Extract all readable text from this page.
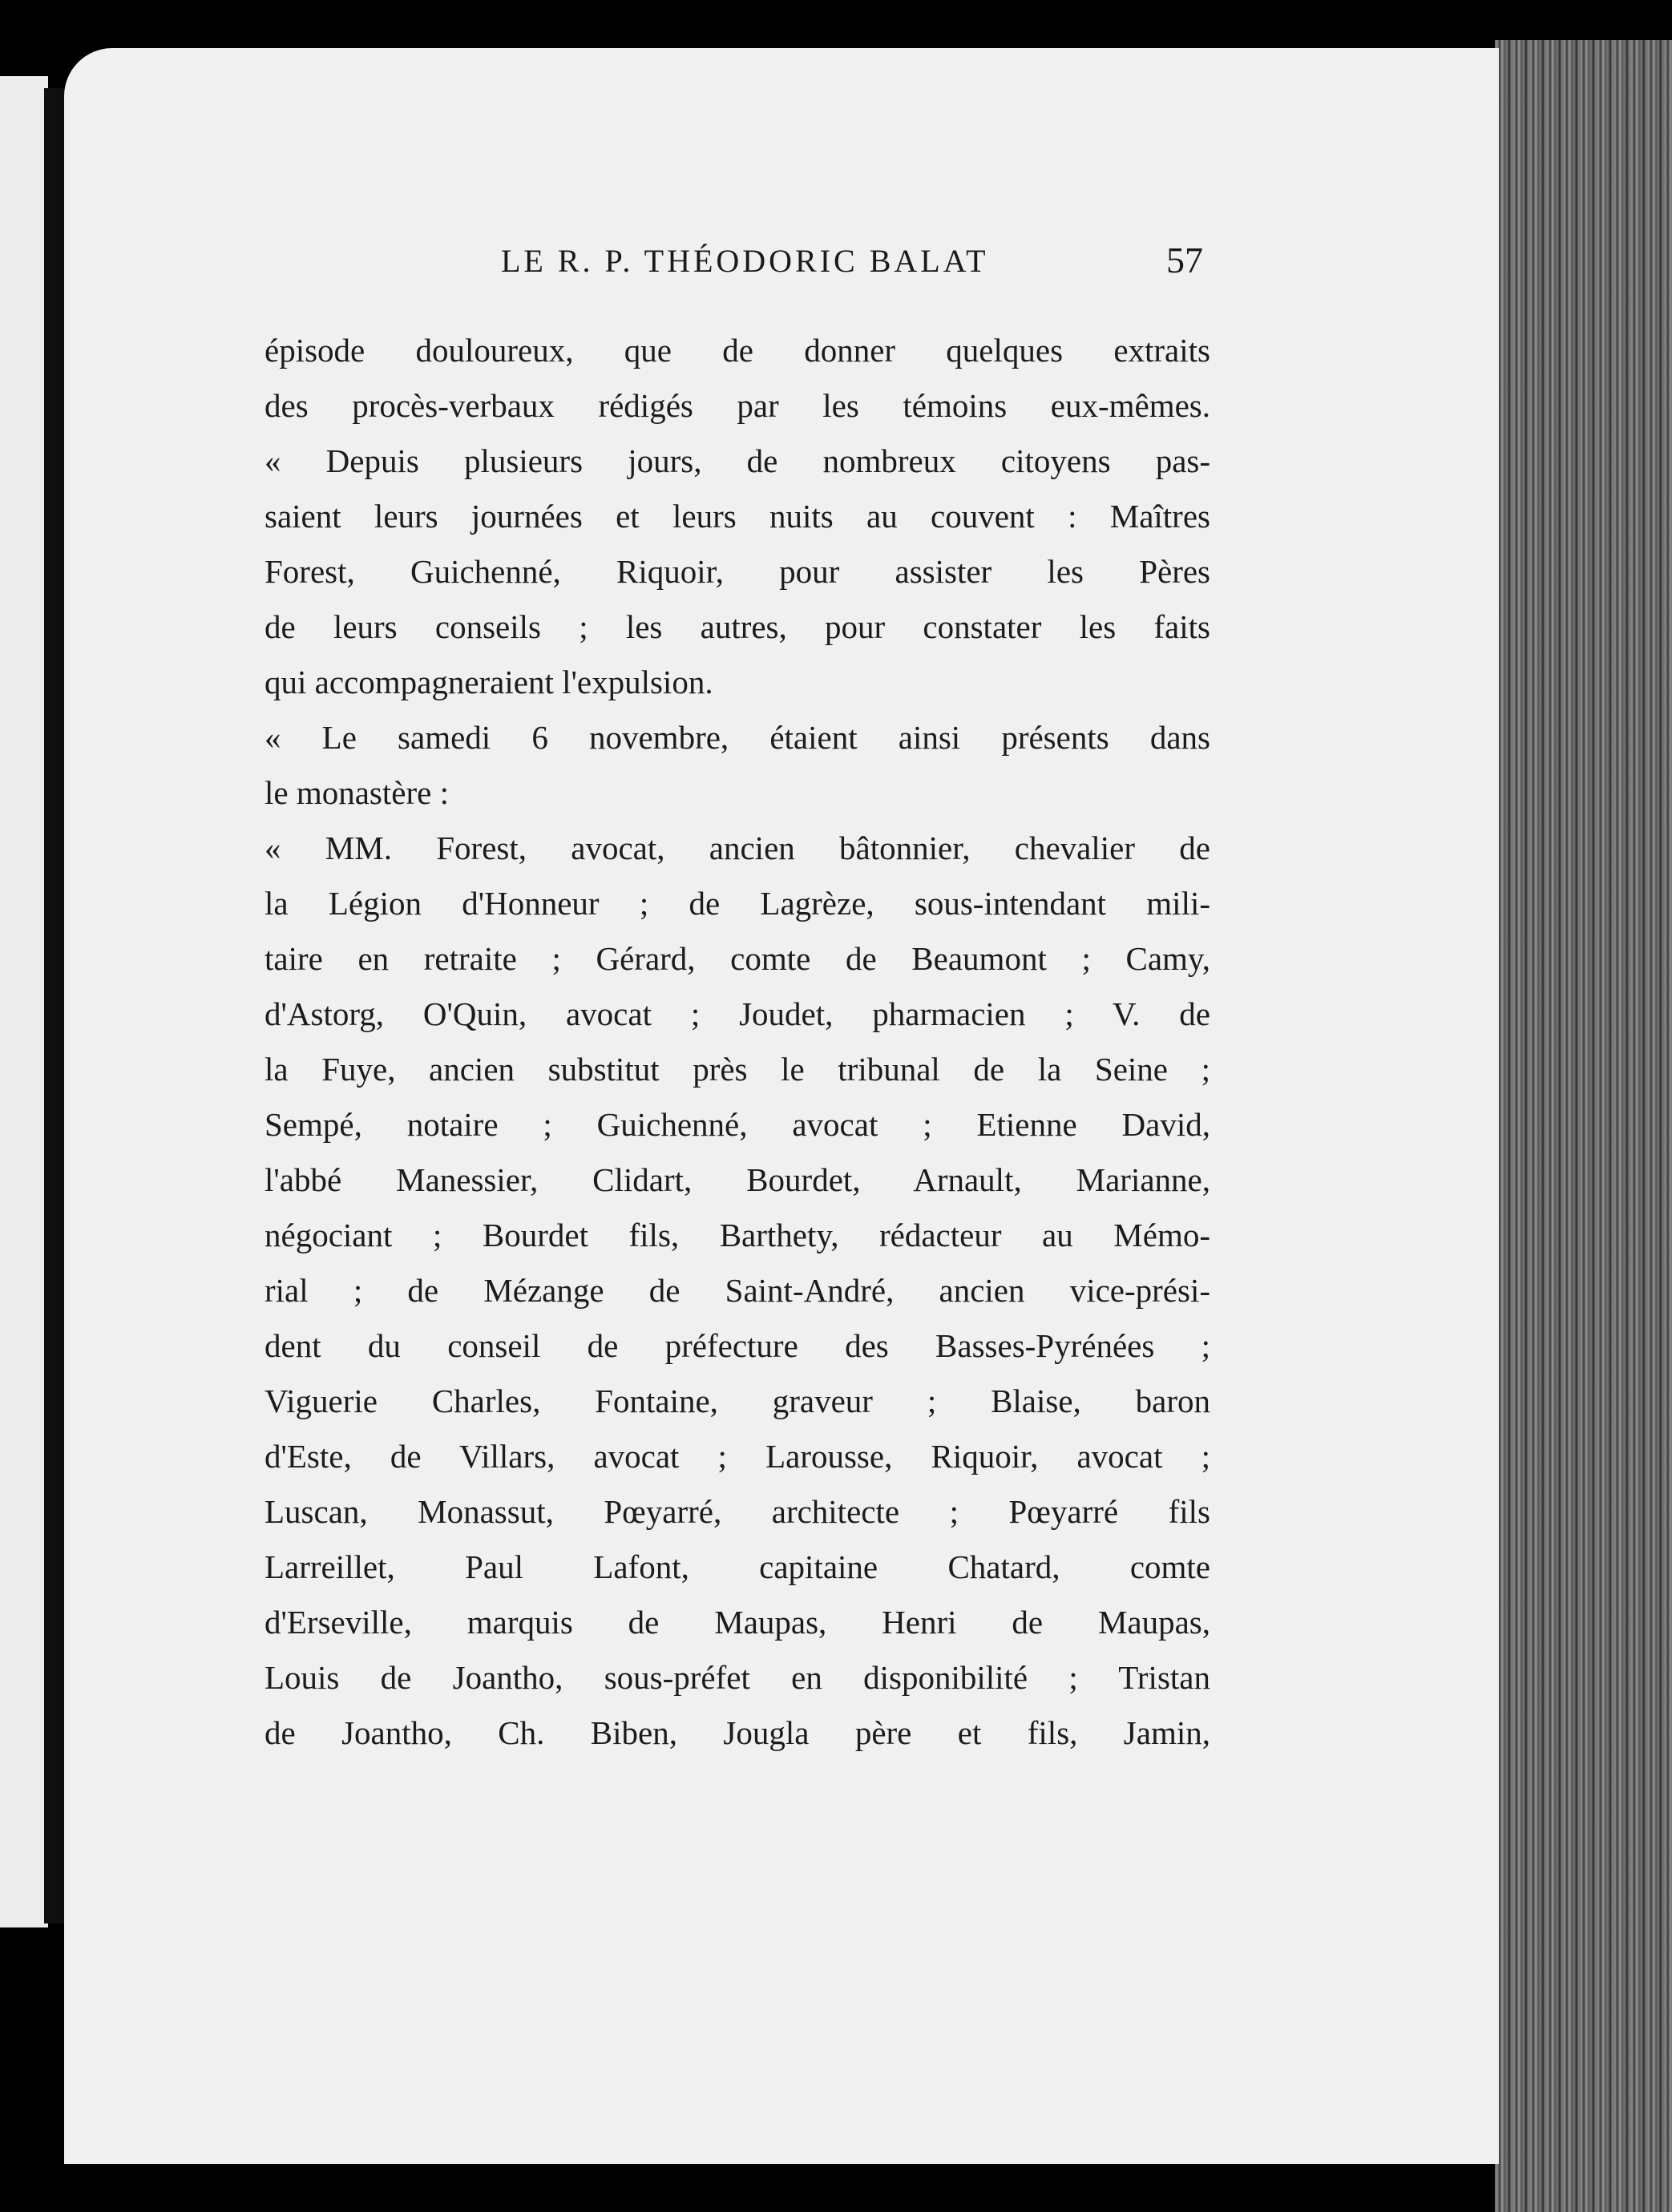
LE R. P. THÉODORIC BALAT	57
épisode douloureux, que de donner quelques extraits
des procès-verbaux rédigés par les témoins eux-mêmes.
« Depuis plusieurs jours, de nombreux citoyens pas-
saient leurs journées et leurs nuits au couvent : Maîtres
Forest, Guichenné, Riquoir, pour assister les Pères
de leurs conseils ; les autres, pour constater les faits
qui accompagneraient l'expulsion.
« Le samedi 6 novembre, étaient ainsi présents dans
le monastère :
« MM. Forest, avocat, ancien bâtonnier, chevalier de
la Légion d'Honneur ; de Lagrèze, sous-intendant mili-
taire en retraite ; Gérard, comte de Beaumont ; Camy,
d'Astorg, O'Quin, avocat ; Joudet, pharmacien ; V. de
la Fuye, ancien substitut près le tribunal de la Seine ;
Sempé, notaire ; Guichenné, avocat ; Etienne David,
l'abbé Manessier, Clidart, Bourdet, Arnault, Marianne,
négociant ; Bourdet fils, Barthety, rédacteur au Mémo-
rial ; de Mézange de Saint-André, ancien vice-prési-
dent du conseil de préfecture des Basses-Pyrénées ;
Viguerie Charles, Fontaine, graveur ; Blaise, baron
d'Este, de Villars, avocat ; Larousse, Riquoir, avocat ;
Luscan, Monassut, Pœyarré, architecte ; Pœyarré fils
Larreillet, Paul Lafont, capitaine Chatard, comte
d'Erseville, marquis de Maupas, Henri de Maupas,
Louis de Joantho, sous-préfet en disponibilité ; Tristan
de Joantho, Ch. Biben, Jougla père et fils, Jamin,
